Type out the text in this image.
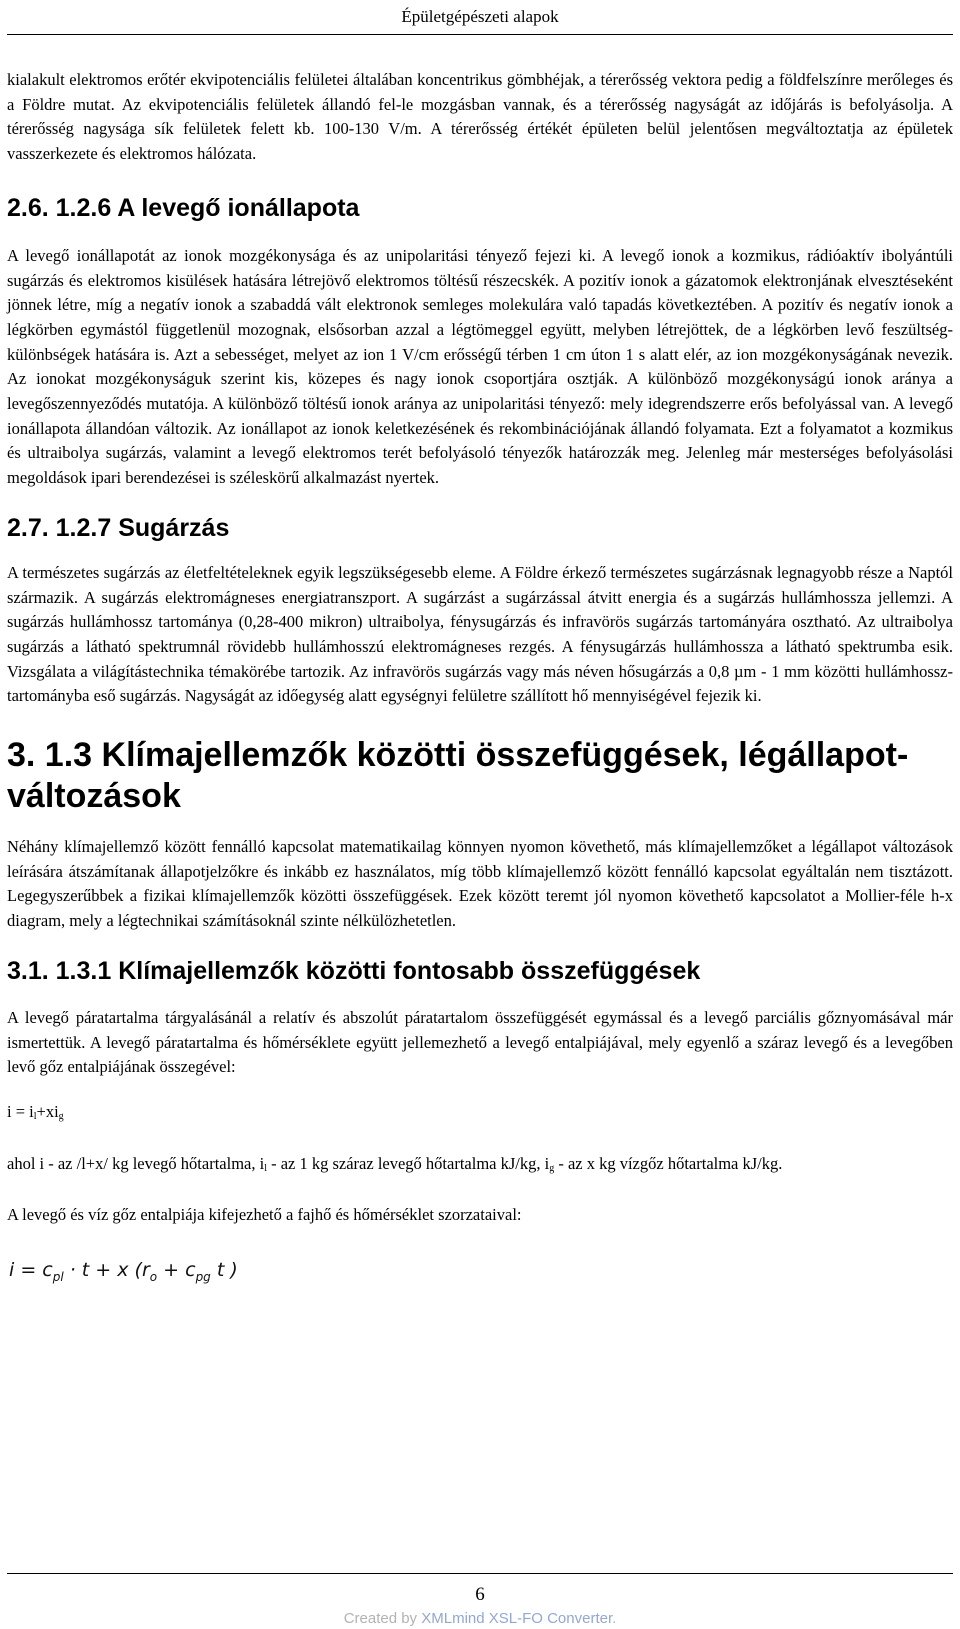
Épületgépészeti alapok

kialakult elektromos erőtér ekvipotenciális felületei általában koncentrikus gömbhéjak, a térerősség vektora pedig a földfelszínre merőleges és a Földre mutat. Az ekvipotenciális felületek állandó fel-le mozgásban vannak, és a térerősség nagyságát az időjárás is befolyásolja. A térerősség nagysága sík felületek felett kb. 100-130 V/m. A térerősség értékét épületen belül jelentősen megváltoztatja az épületek vasszerkezete és elektromos hálózata.

2.6. 1.2.6 A levegő ionállapota

A levegő ionállapotát az ionok mozgékonysága és az unipolaritási tényező fejezi ki. A levegő ionok a kozmikus, rádióaktív ibolyántúli sugárzás és elektromos kisülések hatására létrejövő elektromos töltésű részecskék. A pozitív ionok a gázatomok elektronjának elvesztéseként jönnek létre, míg a negatív ionok a szabaddá vált elektronok semleges molekulára való tapadás következtében. A pozitív és negatív ionok a légkörben egymástól függetlenül mozognak, elsősorban azzal a légtömeggel együtt, melyben létrejöttek, de a légkörben levő feszültség-különbségek hatására is. Azt a sebességet, melyet az ion 1 V/cm erősségű térben 1 cm úton 1 s alatt elér, az ion mozgékonyságának nevezik. Az ionokat mozgékonyságuk szerint kis, közepes és nagy ionok csoportjára osztják. A különböző mozgékonyságú ionok aránya a levegőszennyeződés mutatója. A különböző töltésű ionok aránya az unipolaritási tényező: mely idegrendszerre erős befolyással van. A levegő ionállapota állandóan változik. Az ionállapot az ionok keletkezésének és rekombinációjának állandó folyamata. Ezt a folyamatot a kozmikus és ultraibolya sugárzás, valamint a levegő elektromos terét befolyásoló tényezők határozzák meg. Jelenleg már mesterséges befolyásolási megoldások ipari berendezései is széleskörű alkalmazást nyertek.

2.7. 1.2.7 Sugárzás

A természetes sugárzás az életfeltételeknek egyik legszükségesebb eleme. A Földre érkező természetes sugárzásnak legnagyobb része a Naptól származik. A sugárzás elektromágneses energiatranszport. A sugárzást a sugárzással átvitt energia és a sugárzás hullámhossza jellemzi. A sugárzás hullámhossz tartománya (0,28-400 mikron) ultraibolya, fénysugárzás és infravörös sugárzás tartományára osztható. Az ultraibolya sugárzás a látható spektrumnál rövidebb hullámhosszú elektromágneses rezgés. A fénysugárzás hullámhossza a látható spektrumba esik. Vizsgálata a világítástechnika témakörébe tartozik. Az infravörös sugárzás vagy más néven hősugárzás a 0,8 µm - 1 mm közötti hullámhossz-tartományba eső sugárzás. Nagyságát az időegység alatt egységnyi felületre szállított hő mennyiségével fejezik ki.

3. 1.3 Klímajellemzők közötti összefüggések, légállapot-változások

Néhány klímajellemző között fennálló kapcsolat matematikailag könnyen nyomon követhető, más klímajellemzőket a légállapot változások leírására átszámítanak állapotjelzőkre és inkább ez használatos, míg több klímajellemző között fennálló kapcsolat egyáltalán nem tisztázott. Legegyszerűbbek a fizikai klímajellemzők közötti összefüggések. Ezek között teremt jól nyomon követhető kapcsolatot a Mollier-féle h-x diagram, mely a légtechnikai számításoknál szinte nélkülözhetetlen.

3.1. 1.3.1 Klímajellemzők közötti fontosabb összefüggések

A levegő páratartalma tárgyalásánál a relatív és abszolút páratartalom összefüggését egymással és a levegő parciális gőznyomásával már ismertettük. A levegő páratartalma és hőmérséklete együtt jellemezhető a levegő entalpiájával, mely egyenlő a száraz levegő és a levegőben levő gőz entalpiájának összegével:

$i = i_l+xi_g$

ahol i - az /l+x/ kg levegő hőtartalma, $i_l$ - az 1 kg száraz levegő hőtartalma kJ/kg, $i_g$ - az x kg vízgőz hőtartalma kJ/kg.

A levegő és víz gőz entalpiája kifejezhető a fajhő és hőmérséklet szorzataival:

$i = c_{pl} \cdot t + x$ ($r_o + c_{pg}$ t )
6
Created by XMLmind XSL-FO Converter.
